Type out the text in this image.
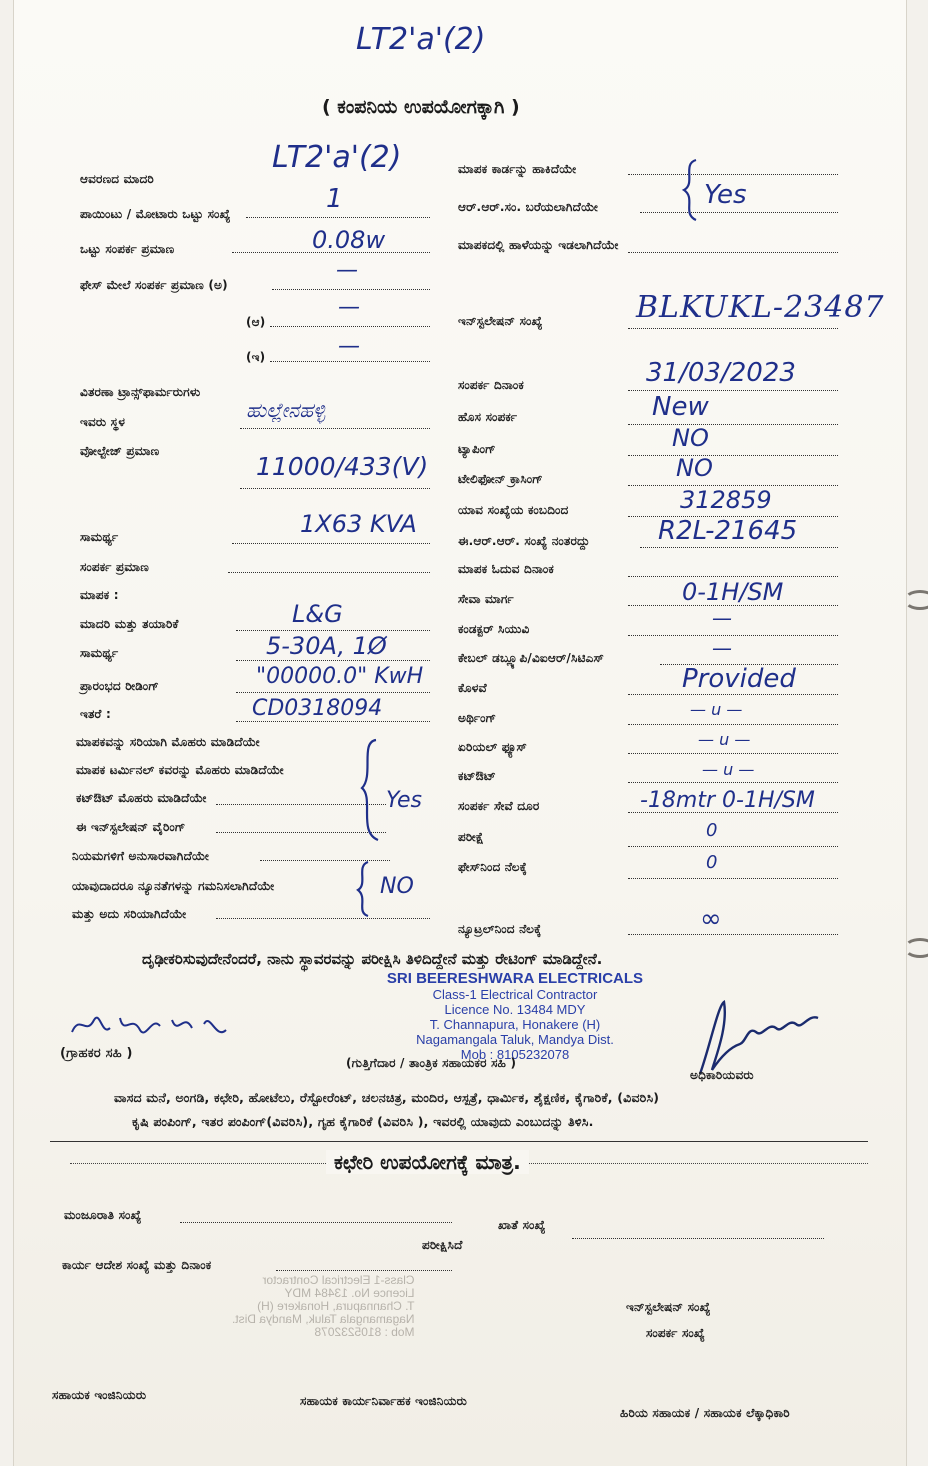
LT2'a'(2)
( ಕಂಪನಿಯ ಉಪಯೋಗಕ್ಕಾಗಿ )
ಆವರಣದ ಮಾದರಿ
ಪಾಯಿಂಟು / ಮೋಟಾರು ಒಟ್ಟು ಸಂಖ್ಯೆ
ಒಟ್ಟು ಸಂಪರ್ಕ ಪ್ರಮಾಣ
ಫೇಸ್ ಮೇಲೆ ಸಂಪರ್ಕ ಪ್ರಮಾಣ (ಅ)
(ಆ)
(ಇ)
ವಿತರಣಾ ಟ್ರಾನ್ಸ್‌ಫಾರ್ಮರುಗಳು
ಇವರು ಸ್ಥಳ
ವೋಲ್ಟೇಜ್ ಪ್ರಮಾಣ
ಸಾಮರ್ಥ್ಯ
ಸಂಪರ್ಕ ಪ್ರಮಾಣ
ಮಾಪಕ :
ಮಾದರಿ ಮತ್ತು ತಯಾರಿಕೆ
ಸಾಮರ್ಥ್ಯ
ಪ್ರಾರಂಭದ ರೀಡಿಂಗ್
ಇತರೆ :
ಮಾಪಕವನ್ನು ಸರಿಯಾಗಿ ಮೊಹರು ಮಾಡಿದೆಯೇ
ಮಾಪಕ ಟರ್ಮಿನಲ್ ಕವರನ್ನು ಮೊಹರು ಮಾಡಿದೆಯೇ
ಕಟ್‌ಔಟ್ ಮೊಹರು ಮಾಡಿದೆಯೇ
ಈ ಇನ್‌ಸ್ಟಲೇಷನ್ ವೈರಿಂಗ್
ನಿಯಮಗಳಿಗೆ ಅನುಸಾರವಾಗಿದೆಯೇ
ಯಾವುದಾದರೂ ನ್ಯೂನತೆಗಳನ್ನು ಗಮನಿಸಲಾಗಿದೆಯೇ
ಮತ್ತು ಅದು ಸರಿಯಾಗಿದೆಯೇ
LT2'a'(2)
1
0.08w
—
—
—
ಹುಲ್ಲೇನಹಳ್ಳಿ
11000/433(V)
1X63 KVA
L&G
5-30A, 1Ø
"00000.0" KwH
CD0318094
Yes
NO
ಮಾಪಕ ಕಾರ್ಡನ್ನು ಹಾಕಿದೆಯೇ
ಆರ್.ಆರ್.ಸಂ. ಬರೆಯಲಾಗಿದೆಯೇ
ಮಾಪಕದಲ್ಲಿ ಹಾಳೆಯನ್ನು ಇಡಲಾಗಿದೆಯೇ
ಇನ್‌ಸ್ಟಲೇಷನ್ ಸಂಖ್ಯೆ
ಸಂಪರ್ಕ ದಿನಾಂಕ
ಹೊಸ ಸಂಪರ್ಕ
ಟ್ಯಾಪಿಂಗ್
ಟೇಲಿಫೋನ್ ಕ್ರಾಸಿಂಗ್
ಯಾವ ಸಂಖ್ಯೆಯ ಕಂಬದಿಂದ
ಈ.ಆರ್.ಆರ್. ಸಂಖ್ಯೆ ನಂತರದ್ದು
ಮಾಪಕ ಓದುವ ದಿನಾಂಕ
ಸೇವಾ ಮಾರ್ಗ
ಕಂಡಕ್ಟರ್ ಸಿಯುವಿ
ಕೇಬಲ್ ಡಬ್ಲ್ಯೂಪಿ/ವಿಐಆರ್/ಸಿಟಿಎಸ್
ಕೊಳವೆ
ಅರ್ಥಿಂಗ್
ಏರಿಯಲ್ ಫ್ಯೂಸ್
ಕಟ್‌ಔಟ್
ಸಂಪರ್ಕ ಸೇವೆ ದೂರ
ಪರೀಕ್ಷೆ
ಫೇಸ್‌ನಿಂದ ನೆಲಕ್ಕೆ
ನ್ಯೂಟ್ರಲ್‌ನಿಂದ ನೆಲಕ್ಕೆ
Yes
BLKUKL-23487
31/03/2023
New
NO
NO
312859
R2L-21645
0-1H/SM
—
—
Provided
— u —
— u —
— u —
-18mtr 0-1H/SM
0
0
∞
ದೃಢೀಕರಿಸುವುದೇನೆಂದರೆ, ನಾನು ಸ್ಥಾವರವನ್ನು ಪರೀಕ್ಷಿಸಿ ತಿಳಿದಿದ್ದೇನೆ ಮತ್ತು ರೇಟಿಂಗ್ ಮಾಡಿದ್ದೇನೆ.
SRI BEERESHWARA ELECTRICALS
Class-1 Electrical Contractor
Licence No. 13484 MDY
T. Channapura, Honakere (H)
Nagamangala Taluk, Mandya Dist.
Mob : 8105232078
(ಗ್ರಾಹಕರ ಸಹಿ )
(ಗುತ್ತಿಗೆದಾರ / ತಾಂತ್ರಿಕ ಸಹಾಯಕರ ಸಹಿ )
ಅಧಿಕಾರಿಯವರು
ವಾಸದ ಮನೆ, ಅಂಗಡಿ, ಕಛೇರಿ, ಹೋಟೆಲು, ರೆಸ್ಟೋರೆಂಟ್, ಚಲನಚಿತ್ರ, ಮಂದಿರ, ಆಸ್ಪತ್ರೆ, ಧಾರ್ಮಿಕ, ಶೈಕ್ಷಣಿಕ, ಕೈಗಾರಿಕೆ, (ವಿವರಿಸಿ)
ಕೃಷಿ ಪಂಪಿಂಗ್, ಇತರ ಪಂಪಿಂಗ್(ವಿವರಿಸಿ), ಗೃಹ ಕೈಗಾರಿಕೆ (ವಿವರಿಸಿ ), ಇವರಲ್ಲಿ ಯಾವುದು ಎಂಬುದನ್ನು ತಿಳಿಸಿ.
ಕಛೇರಿ ಉಪಯೋಗಕ್ಕೆ ಮಾತ್ರ.
ಮಂಜೂರಾತಿ ಸಂಖ್ಯೆ
ಖಾತೆ ಸಂಖ್ಯೆ
ಪರೀಕ್ಷಿಸಿದೆ
ಕಾರ್ಯ ಆದೇಶ ಸಂಖ್ಯೆ ಮತ್ತು ದಿನಾಂಕ
Class-1 Electrical Contractor
Licence No. 13484 MDY
T. Channapura, Honakere (H)
Nagamangala Taluk, Mandya Dist.
Mob : 8105232078
ಇನ್‌ಸ್ಟಲೇಷನ್ ಸಂಖ್ಯೆ
ಸಂಪರ್ಕ ಸಂಖ್ಯೆ
ಸಹಾಯಕ ಇಂಜಿನಿಯರು	ಸಹಾಯಕ ಕಾರ್ಯನಿರ್ವಾಹಕ ಇಂಜಿನಿಯರು
ಹಿರಿಯ ಸಹಾಯಕ / ಸಹಾಯಕ ಲೆಕ್ಕಾಧಿಕಾರಿ
